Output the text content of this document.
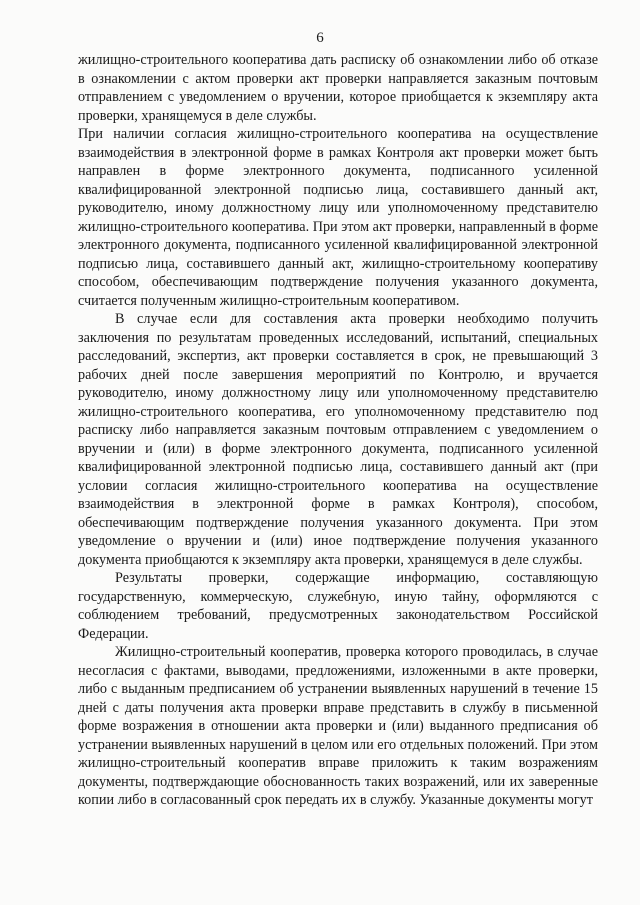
6

жилищно-строительного кооператива дать расписку об ознакомлении либо об отказе в ознакомлении с актом проверки акт проверки направляется заказным почтовым отправлением с уведомлением о вручении, которое приобщается к экземпляру акта проверки, хранящемуся в деле службы.

При наличии согласия жилищно-строительного кооператива на осуществление взаимодействия в электронной форме в рамках Контроля акт проверки может быть направлен в форме электронного документа, подписанного усиленной квалифицированной электронной подписью лица, составившего данный акт, руководителю, иному должностному лицу или уполномоченному представителю жилищно-строительного кооператива. При этом акт проверки, направленный в форме электронного документа, подписанного усиленной квалифицированной электронной подписью лица, составившего данный акт, жилищно-строительному кооперативу способом, обеспечивающим подтверждение получения указанного документа, считается полученным жилищно-строительным кооперативом.

В случае если для составления акта проверки необходимо получить заключения по результатам проведенных исследований, испытаний, специальных расследований, экспертиз, акт проверки составляется в срок, не превышающий 3 рабочих дней после завершения мероприятий по Контролю, и вручается руководителю, иному должностному лицу или уполномоченному представителю жилищно-строительного кооператива, его уполномоченному представителю под расписку либо направляется заказным почтовым отправлением с уведомлением о вручении и (или) в форме электронного документа, подписанного усиленной квалифицированной электронной подписью лица, составившего данный акт (при условии согласия жилищно-строительного кооператива на осуществление взаимодействия в электронной форме в рамках Контроля), способом, обеспечивающим подтверждение получения указанного документа. При этом уведомление о вручении и (или) иное подтверждение получения указанного документа приобщаются к экземпляру акта проверки, хранящемуся в деле службы.

Результаты проверки, содержащие информацию, составляющую государственную, коммерческую, служебную, иную тайну, оформляются с соблюдением требований, предусмотренных законодательством Российской Федерации.

Жилищно-строительный кооператив, проверка которого проводилась, в случае несогласия с фактами, выводами, предложениями, изложенными в акте проверки, либо с выданным предписанием об устранении выявленных нарушений в течение 15 дней с даты получения акта проверки вправе представить в службу в письменной форме возражения в отношении акта проверки и (или) выданного предписания об устранении выявленных нарушений в целом или его отдельных положений. При этом жилищно-строительный кооператив вправе приложить к таким возражениям документы, подтверждающие обоснованность таких возражений, или их заверенные копии либо в согласованный срок передать их в службу. Указанные документы могут
